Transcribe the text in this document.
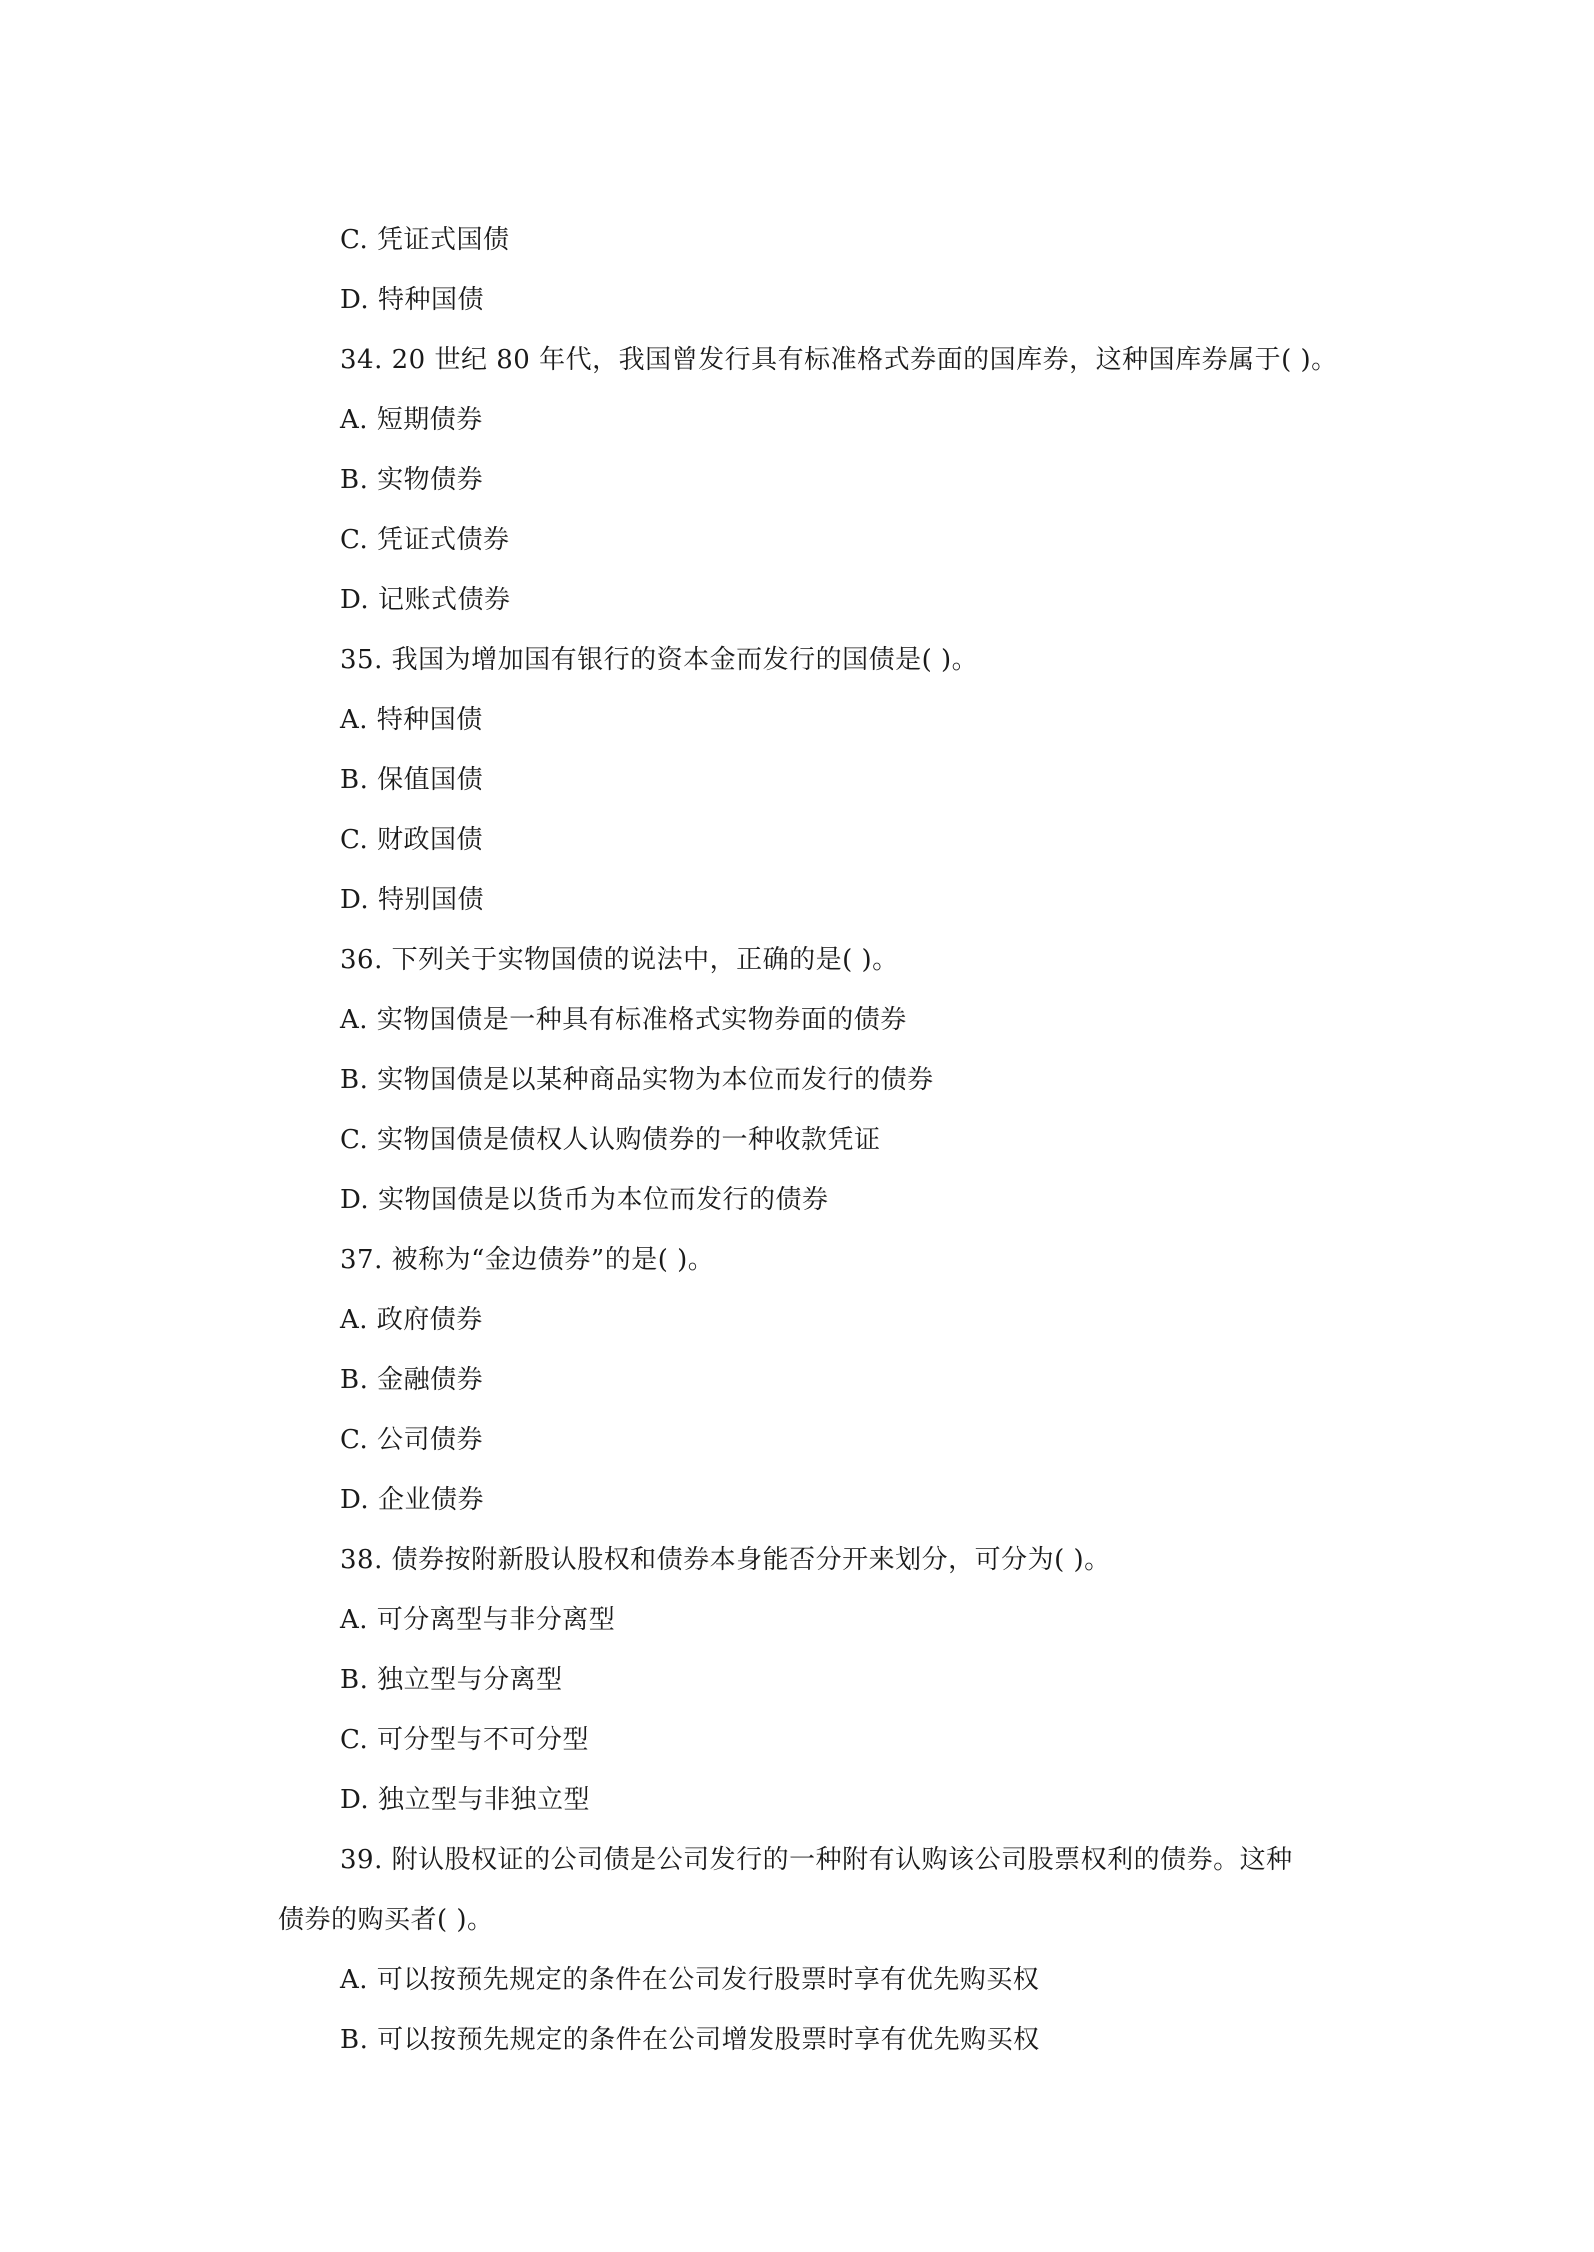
C. 凭证式国债
D. 特种国债
34. 20 世纪 80 年代，我国曾发行具有标准格式券面的国库券，这种国库券属于( )。
A. 短期债券
B. 实物债券
C. 凭证式债券
D. 记账式债券
35. 我国为增加国有银行的资本金而发行的国债是( )。
A. 特种国债
B. 保值国债
C. 财政国债
D. 特别国债
36. 下列关于实物国债的说法中，正确的是( )。
A. 实物国债是一种具有标准格式实物券面的债券
B. 实物国债是以某种商品实物为本位而发行的债券
C. 实物国债是债权人认购债券的一种收款凭证
D. 实物国债是以货币为本位而发行的债券
37. 被称为“金边债券”的是( )。
A. 政府债券
B. 金融债券
C. 公司债券
D. 企业债券
38. 债券按附新股认股权和债券本身能否分开来划分，可分为( )。
A. 可分离型与非分离型
B. 独立型与分离型
C. 可分型与不可分型
D. 独立型与非独立型
39. 附认股权证的公司债是公司发行的一种附有认购该公司股票权利的债券。这种
债券的购买者( )。
A. 可以按预先规定的条件在公司发行股票时享有优先购买权
B. 可以按预先规定的条件在公司增发股票时享有优先购买权
